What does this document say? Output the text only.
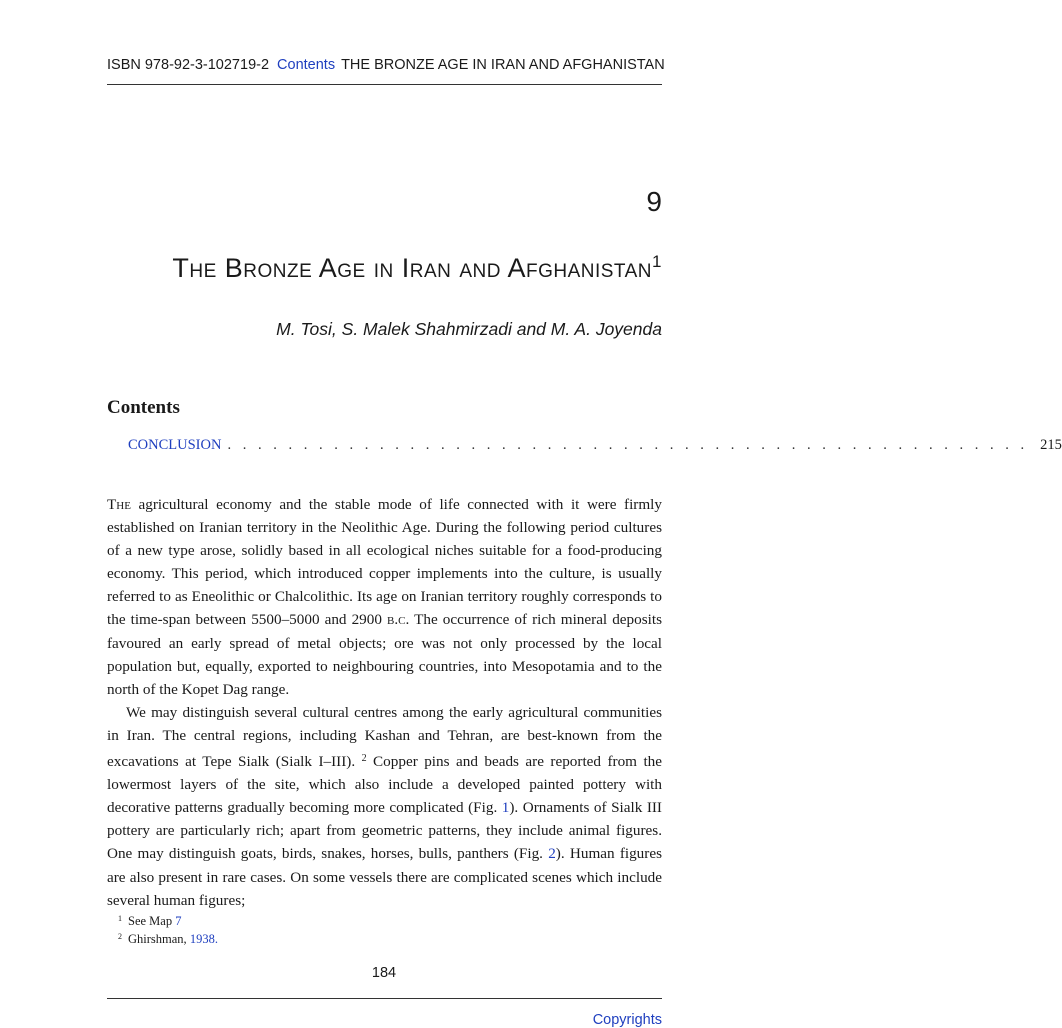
ISBN 978-92-3-102719-2 Contents THE BRONZE AGE IN IRAN AND AFGHANISTAN
9
The Bronze Age in Iran and Afghanistan$^1$
M. Tosi, S. Malek Shahmirzadi and M. A. Joyenda
Contents
CONCLUSION . . . . . . . . . . . . . . . . . . . . . . . . . . . . . . . . . . . . . . . . . . . . . . . . . . . . . 215

The agricultural economy and the stable mode of life connected with it were firmly established on Iranian territory in the Neolithic Age. During the following period cultures of a new type arose, solidly based in all ecological niches suitable for a food-producing economy. This period, which introduced copper implements into the culture, is usually referred to as Eneolithic or Chalcolithic. Its age on Iranian territory roughly corresponds to the time-span between 5500–5000 and 2900 b.c. The occurrence of rich mineral deposits favoured an early spread of metal objects; ore was not only processed by the local population but, equally, exported to neighbouring countries, into Mesopotamia and to the north of the Kopet Dag range.

We may distinguish several cultural centres among the early agricultural communities in Iran. The central regions, including Kashan and Tehran, are best-known from the excavations at Tepe Sialk (Sialk I–III). $^2$ Copper pins and beads are reported from the lowermost layers of the site, which also include a developed painted pottery with decorative patterns gradually becoming more complicated (Fig. 1). Ornaments of Sialk III pottery are particularly rich; apart from geometric patterns, they include animal figures. One may distinguish goats, birds, snakes, horses, bulls, panthers (Fig. 2). Human figures are also present in rare cases. On some vessels there are complicated scenes which include several human figures;

$^1$ See Map 7
$^2$ Ghirshman, 1938.
184
Copyrights
